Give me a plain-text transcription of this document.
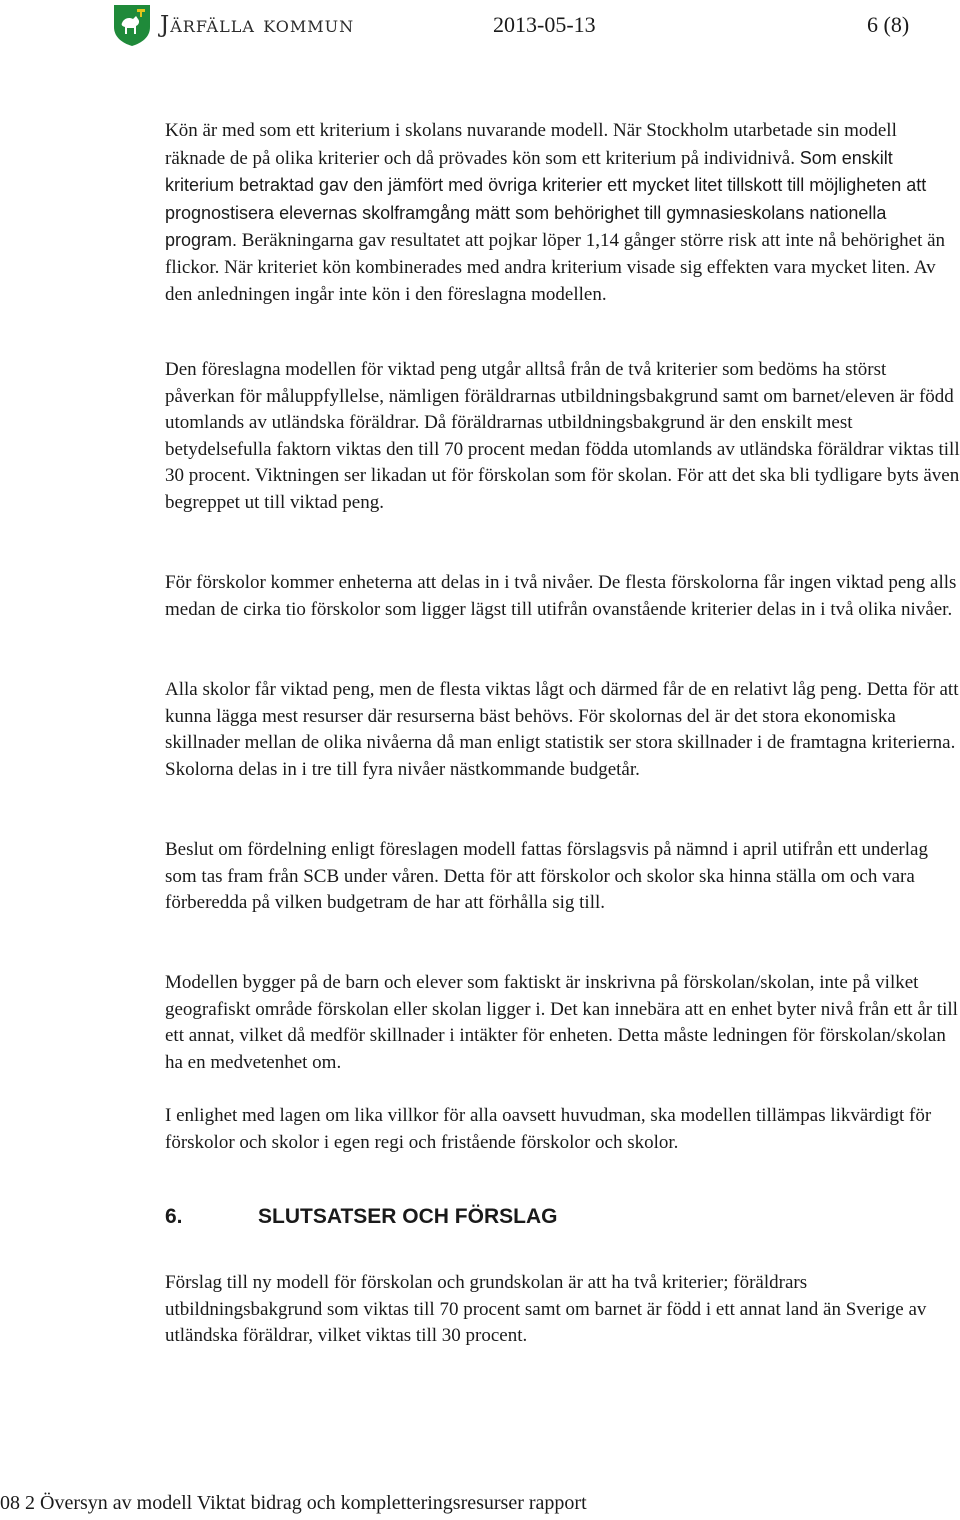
Järfälla kommun	2013-05-13	6 (8)

Kön är med som ett kriterium i skolans nuvarande modell. När Stockholm utarbetade sin modell räknade de på olika kriterier och då prövades kön som ett kriterium på individnivå. Som enskilt kriterium betraktad gav den jämfört med övriga kriterier ett mycket litet tillskott till möjligheten att prognostisera elevernas skolframgång mätt som behörighet till gymnasieskolans nationella program. Beräkningarna gav resultatet att pojkar löper 1,14 gånger större risk att inte nå behörighet än flickor. När kriteriet kön kombinerades med andra kriterium visade sig effekten vara mycket liten. Av den anledningen ingår inte kön i den föreslagna modellen.

Den föreslagna modellen för viktad peng utgår alltså från de två kriterier som bedöms ha störst påverkan för måluppfyllelse, nämligen föräldrarnas utbildningsbakgrund samt om barnet/eleven är född utomlands av utländska föräldrar. Då föräldrarnas utbildningsbakgrund är den enskilt mest betydelsefulla faktorn viktas den till 70 procent medan födda utomlands av utländska föräldrar viktas till 30 procent. Viktningen ser likadan ut för förskolan som för skolan. För att det ska bli tydligare byts även begreppet ut till viktad peng.

För förskolor kommer enheterna att delas in i två nivåer. De flesta förskolorna får ingen viktad peng alls medan de cirka tio förskolor som ligger lägst till utifrån ovanstående kriterier delas in i två olika nivåer.

Alla skolor får viktad peng, men de flesta viktas lågt och därmed får de en relativt låg peng. Detta för att kunna lägga mest resurser där resurserna bäst behövs. För skolornas del är det stora ekonomiska skillnader mellan de olika nivåerna då man enligt statistik ser stora skillnader i de framtagna kriterierna. Skolorna delas in i tre till fyra nivåer nästkommande budgetår.

Beslut om fördelning enligt föreslagen modell fattas förslagsvis på nämnd i april utifrån ett underlag som tas fram från SCB under våren. Detta för att förskolor och skolor ska hinna ställa om och vara förberedda på vilken budgetram de har att förhålla sig till.

Modellen bygger på de barn och elever som faktiskt är inskrivna på förskolan/skolan, inte på vilket geografiskt område förskolan eller skolan ligger i. Det kan innebära att en enhet byter nivå från ett år till ett annat, vilket då medför skillnader i intäkter för enheten. Detta måste ledningen för förskolan/skolan ha en medvetenhet om.

I enlighet med lagen om lika villkor för alla oavsett huvudman, ska modellen tillämpas likvärdigt för förskolor och skolor i egen regi och fristående förskolor och skolor.

6.	SLUTSATSER OCH FÖRSLAG

Förslag till ny modell för förskolan och grundskolan är att ha två kriterier; föräldrars utbildningsbakgrund som viktas till 70 procent samt om barnet är född i ett annat land än Sverige av utländska föräldrar, vilket viktas till 30 procent.

08 2 Översyn av modell Viktat bidrag och kompletteringsresurser rapport
